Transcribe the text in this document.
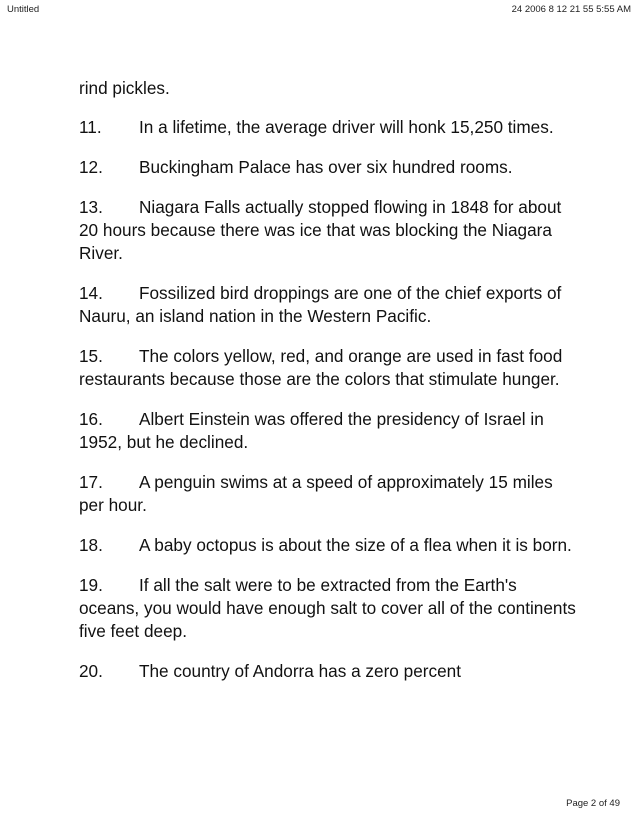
Untitled	24 2006 8 12 21 55 5:55 AM

rind pickles.

11. In a lifetime, the average driver will honk 15,250 times.

12. Buckingham Palace has over six hundred rooms.

13. Niagara Falls actually stopped flowing in 1848 for about 20 hours because there was ice that was blocking the Niagara River.

14. Fossilized bird droppings are one of the chief exports of Nauru, an island nation in the Western Pacific.

15. The colors yellow, red, and orange are used in fast food restaurants because those are the colors that stimulate hunger.

16. Albert Einstein was offered the presidency of Israel in 1952, but he declined.

17. A penguin swims at a speed of approximately 15 miles per hour.

18. A baby octopus is about the size of a flea when it is born.

19. If all the salt were to be extracted from the Earth's oceans, you would have enough salt to cover all of the continents five feet deep.

20. The country of Andorra has a zero percent

Page 2 of 49
